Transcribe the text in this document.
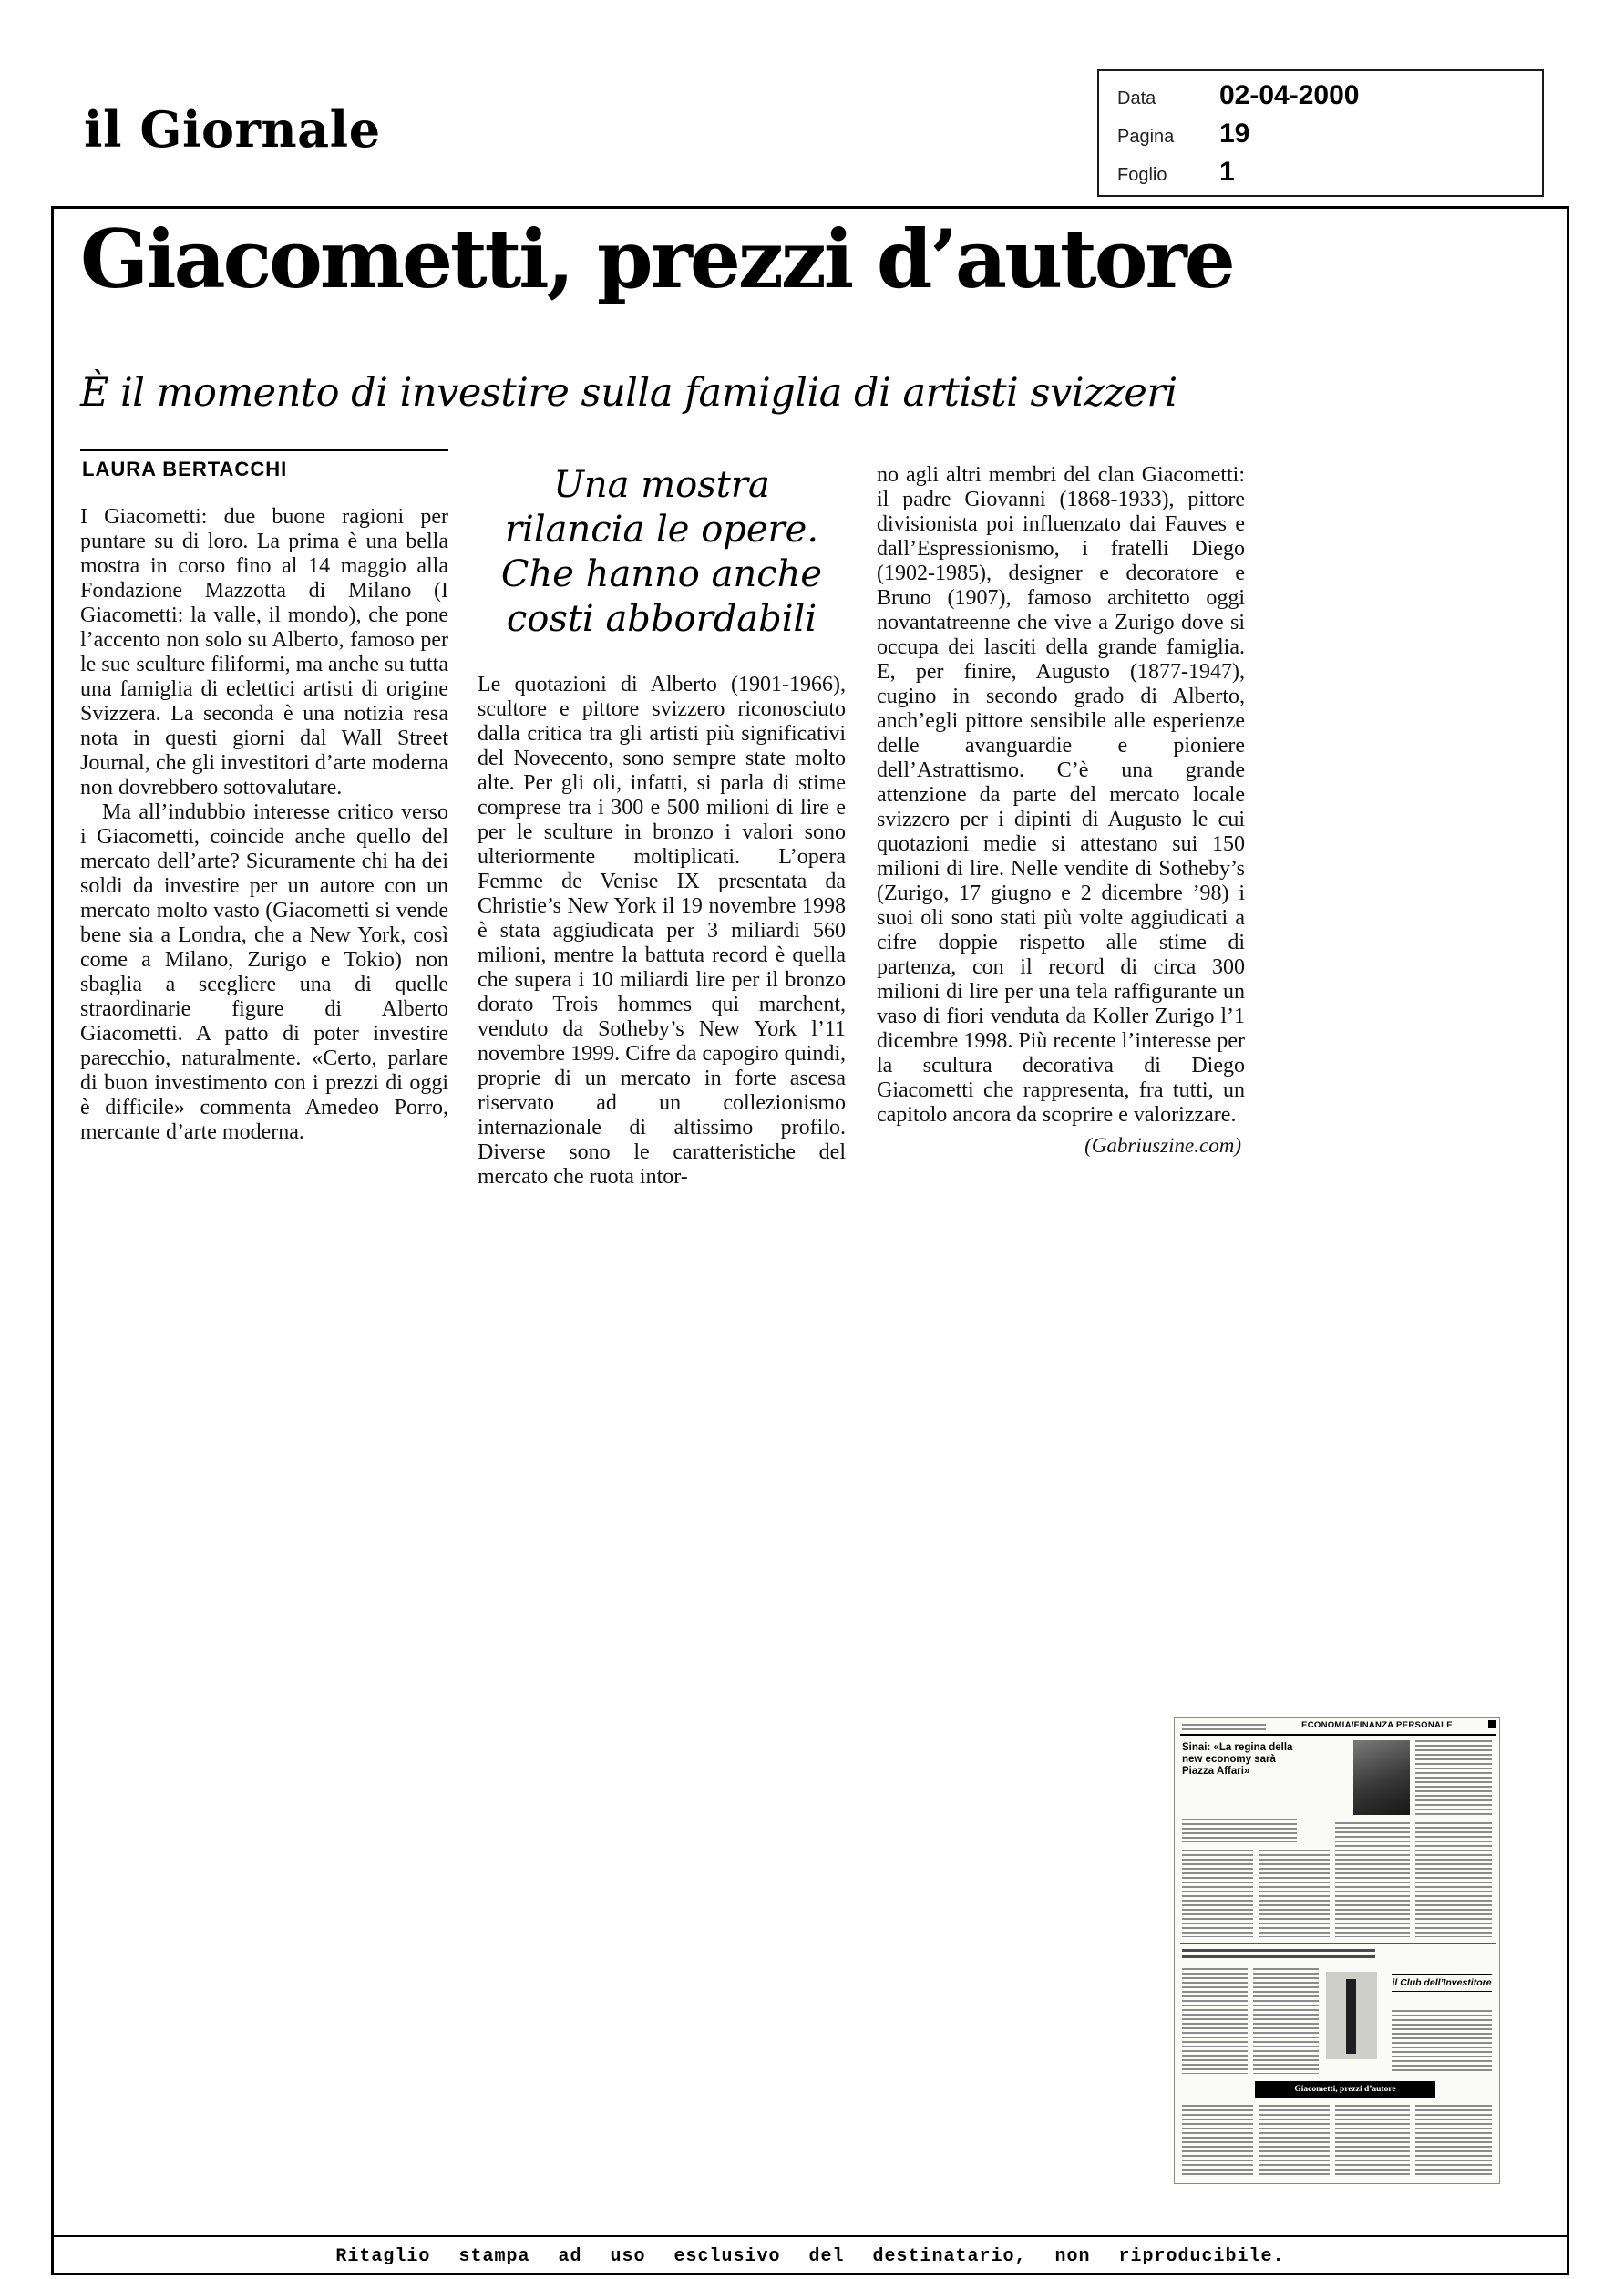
il Giornale
Data	02-04-2000
Pagina	19
Foglio	1
Giacometti, prezzi d’autore
È il momento di investire sulla famiglia di artisti svizzeri
LAURA BERTACCHI

I Giacometti: due buone ragioni per puntare su di loro. La prima è una bella mostra in corso fino al 14 maggio alla Fondazione Mazzotta di Milano (I Giacometti: la valle, il mondo), che pone l’accento non solo su Alberto, famoso per le sue sculture filiformi, ma anche su tutta una famiglia di eclettici artisti di origine Svizzera. La seconda è una notizia resa nota in questi giorni dal Wall Street Journal, che gli investitori d’arte moderna non dovrebbero sottovalutare.

Ma all’indubbio interesse critico verso i Giacometti, coincide anche quello del mercato dell’arte? Sicuramente chi ha dei soldi da investire per un autore con un mercato molto vasto (Giacometti si vende bene sia a Londra, che a New York, così come a Milano, Zurigo e Tokio) non sbaglia a scegliere una di quelle straordinarie figure di Alberto Giacometti. A patto di poter investire parecchio, naturalmente. «Certo, parlare di buon investimento con i prezzi di oggi è difficile» commenta Amedeo Porro, mercante d’arte moderna.

Una mostra

rilancia le opere.

Che hanno anche

costi abbordabili

Le quotazioni di Alberto (1901-1966), scultore e pittore svizzero riconosciuto dalla critica tra gli artisti più significativi del Novecento, sono sempre state molto alte. Per gli oli, infatti, si parla di stime comprese tra i 300 e 500 milioni di lire e per le sculture in bronzo i valori sono ulteriormente moltiplicati. L’opera Femme de Venise IX presentata da Christie’s New York il 19 novembre 1998 è stata aggiudicata per 3 miliardi 560 milioni, mentre la battuta record è quella che supera i 10 miliardi lire per il bronzo dorato Trois hommes qui marchent, venduto da Sotheby’s New York l’11 novembre 1999. Cifre da capogiro quindi, proprie di un mercato in forte ascesa riservato ad un collezionismo internazionale di altissimo profilo. Diverse sono le caratteristiche del mercato che ruota intor-

no agli altri membri del clan Giacometti: il padre Giovanni (1868-1933), pittore divisionista poi influenzato dai Fauves e dall’Espressionismo, i fratelli Diego (1902-1985), designer e decoratore e Bruno (1907), famoso architetto oggi novantatreenne che vive a Zurigo dove si occupa dei lasciti della grande famiglia. E, per finire, Augusto (1877-1947), cugino in secondo grado di Alberto, anch’egli pittore sensibile alle esperienze delle avanguardie e pioniere dell’Astrattismo. C’è una grande attenzione da parte del mercato locale svizzero per i dipinti di Augusto le cui quotazioni medie si attestano sui 150 milioni di lire. Nelle vendite di Sotheby’s (Zurigo, 17 giugno e 2 dicembre ’98) i suoi oli sono stati più volte aggiudicati a cifre doppie rispetto alle stime di partenza, con il record di circa 300 milioni di lire per una tela raffigurante un vaso di fiori venduta da Koller Zurigo l’1 dicembre 1998. Più recente l’interesse per la scultura decorativa di Diego Giacometti che rappresenta, fra tutti, un capitolo ancora da scoprire e valorizzare.

(Gabriuszine.com)
ECONOMIA/FINANZA PERSONALE
Sinai: «La regina della new economy sarà Piazza Affari»
il Club dell’Investitore
Giacometti, prezzi d’autore
Ritaglio stampa ad uso esclusivo del destinatario, non riproducibile.
